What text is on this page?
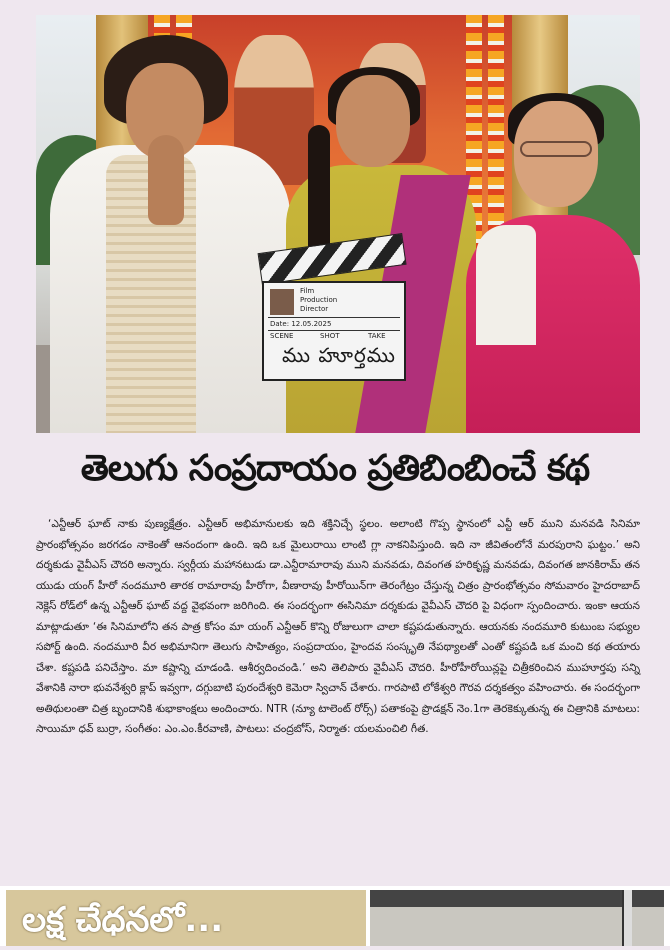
Film
Production
Director
Date: 12.05.2025
SCENE	SHOT	TAKE
ము హూర్తము
తెలుగు సంప్రదాయం ప్రతిబింబించే కథ
‘ఎన్టీఆర్ ఘాట్ నాకు పుణ్యక్షేత్రం. ఎన్టీఆర్ అభిమానులకు ఇది శక్తినిచ్చే స్థలం. అలాంటి గొప్ప స్థానంలో ఎన్టీ ఆర్ ముని మనవడి సినిమా ప్రారంభోత్సవం జరగడం నాకెంతో ఆనందంగా ఉంది. ఇది ఒక మైలురాయి లాంటి గ్లా నాకనిపిస్తుంది. ఇది నా జీవితంలోనే మరపురాని ఘట్టం.’ అని దర్శకుడు వైవీఎస్ చౌదరి అన్నారు. స్వర్గీయ మహానటుడు డా.ఎన్టీరామారావు ముని మనవడు, దివంగత హరికృష్ణ మనవడు, దివంగత జానకిరామ్ తన యుడు యంగ్ హీరో నందమూరి తారక రామారావు హీరోగా, వీణారావు హీరోయిన్‌గా తెరంగేట్రం చేస్తున్న చిత్రం ప్రారంభోత్సవం సోమవారం హైదరాబాద్ నెక్లెస్ రోడ్‌లో ఉన్న ఎన్టీఆర్ ఘాట్ వద్ద వైభవంగా జరిగింది. ఈ సందర్భంగా ఈసినిమా దర్శకుడు వైవీఎస్ చౌదరి పై విధంగా స్పందించారు. ఇంకా ఆయన మాట్లాడుతూ ‘ఈ సినిమాలోని తన పాత్ర కోసం మా యంగ్ ఎన్టీఆర్ కొన్ని రోజులుగా చాలా కష్టపడుతున్నారు. ఆయనకు నందమూరి కుటుంబ సభ్యుల సపోర్ట్ ఉంది. నందమూరి వీర అభిమానిగా తెలుగు సాహిత్యం, సంప్రదాయం, హైందవ సంస్కృతి నేపథ్యాలతో ఎంతో కష్టపడి ఒక మంచి కథ తయారు చేశా. కష్టపడి పనిచేస్తాం. మా కష్టాన్ని చూడండి. ఆశీర్వదించండి.’ అని తెలిపారు వైవీఎస్ చౌదరి. హీరోహీరోయిన్లపై చిత్రీకరించిన ముహూర్తపు సన్ని వేశానికి నారా భువనేశ్వరి క్లాప్ ఇవ్వగా, దగ్గుబాటి పురందేశ్వరి కెమెరా స్విచాన్ చేశారు. గారపాటి లోకేశ్వరి గౌరవ దర్శకత్వం వహించారు. ఈ సందర్భంగా అతిథులంతా చిత్ర బృందానికి శుభాకాంక్షలు అందించారు. NTR (న్యూ టాలెంట్ రోర్స్) పతాకంపై ప్రొడక్షన్ నెం.1గా తెరకెక్కుతున్న ఈ చిత్రానికి మాటలు: సాయిమా ధవ్ బుర్రా, సంగీతం: ఎం.ఎం.కీరవాణి, పాటలు: చంద్రబోస్, నిర్మాత: యలమంచిలి గీత.
లక్ష చేధనలో...
